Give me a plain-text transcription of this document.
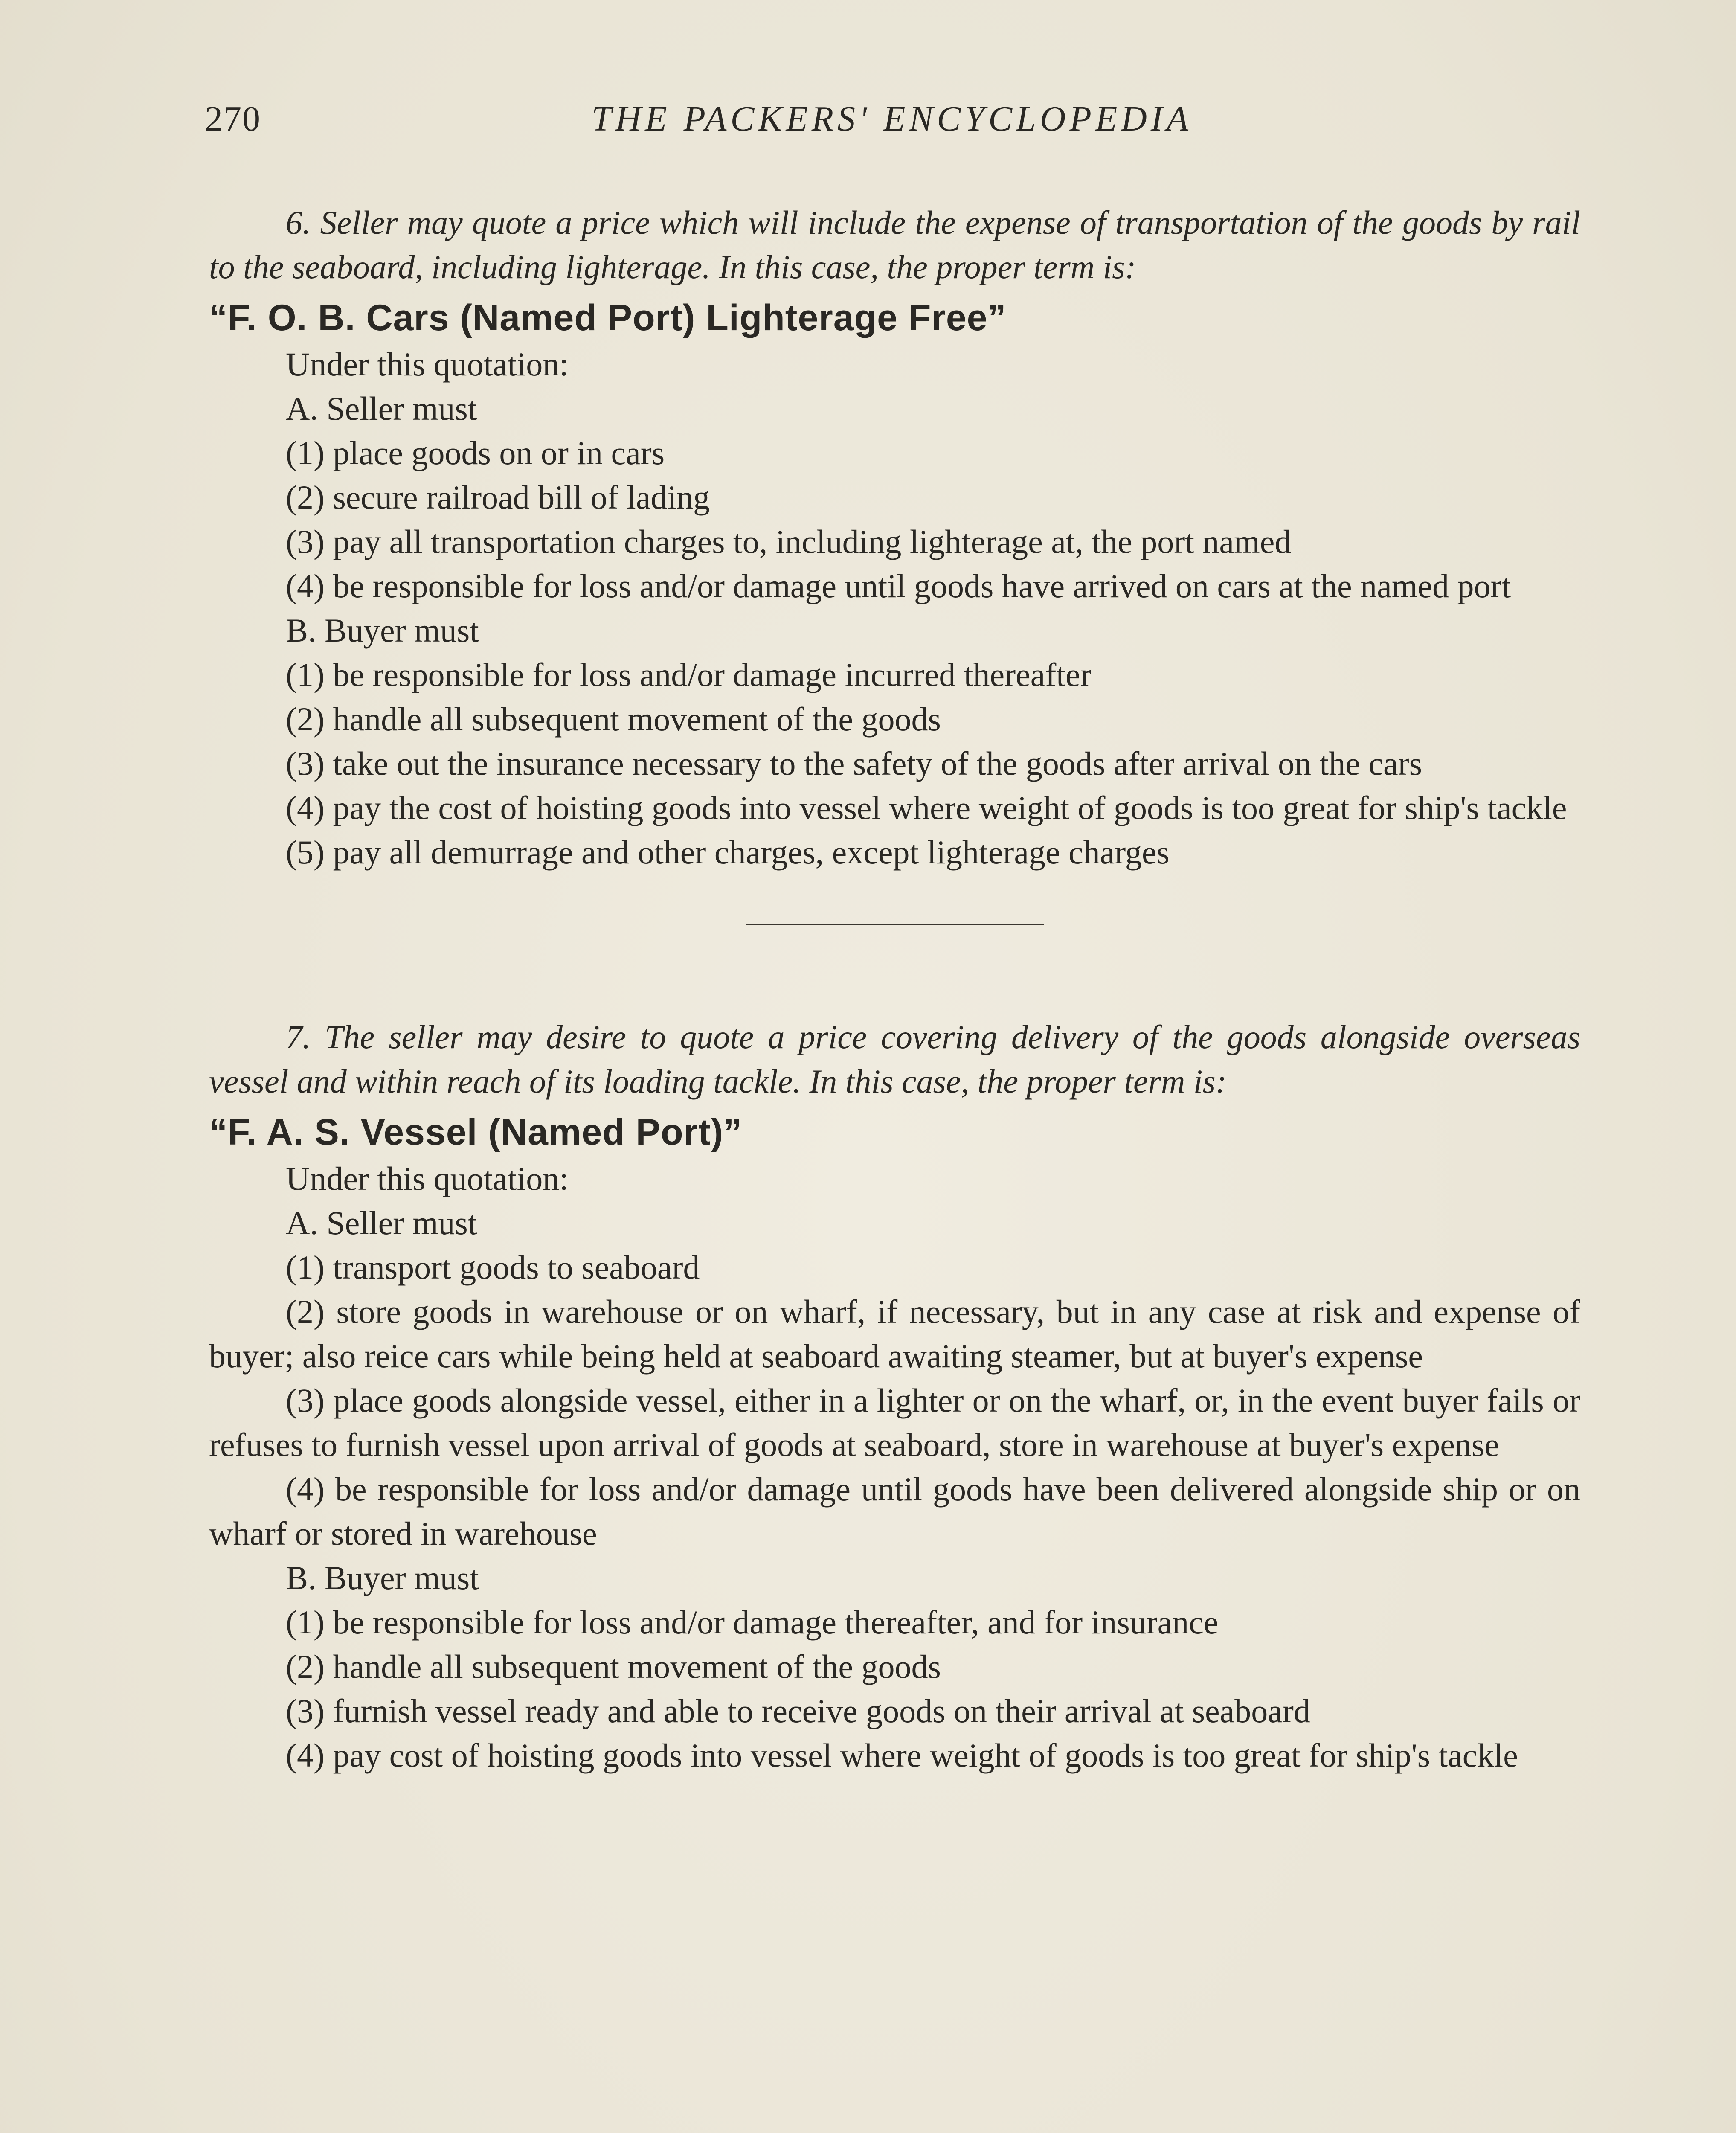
270	THE PACKERS' ENCYCLOPEDIA

6. Seller may quote a price which will include the expense of transportation of the goods by rail to the seaboard, including lighterage. In this case, the proper term is:

“F. O. B. Cars (Named Port) Lighterage Free”

Under this quotation:

A. Seller must

(1) place goods on or in cars

(2) secure railroad bill of lading

(3) pay all transportation charges to, including lighterage at, the port named

(4) be responsible for loss and/or damage until goods have arrived on cars at the named port

B. Buyer must

(1) be responsible for loss and/or damage incurred thereafter

(2) handle all subsequent movement of the goods

(3) take out the insurance necessary to the safety of the goods after arrival on the cars

(4) pay the cost of hoisting goods into vessel where weight of goods is too great for ship's tackle

(5) pay all demurrage and other charges, except lighterage charges

7. The seller may desire to quote a price covering delivery of the goods alongside overseas vessel and within reach of its loading tackle. In this case, the proper term is:

“F. A. S. Vessel (Named Port)”

Under this quotation:

A. Seller must

(1) transport goods to seaboard

(2) store goods in warehouse or on wharf, if necessary, but in any case at risk and expense of buyer; also reice cars while being held at seaboard awaiting steamer, but at buyer's expense

(3) place goods alongside vessel, either in a lighter or on the wharf, or, in the event buyer fails or refuses to furnish vessel upon arrival of goods at seaboard, store in warehouse at buyer's expense

(4) be responsible for loss and/or damage until goods have been delivered alongside ship or on wharf or stored in warehouse

B. Buyer must

(1) be responsible for loss and/or damage thereafter, and for insurance

(2) handle all subsequent movement of the goods

(3) furnish vessel ready and able to receive goods on their arrival at seaboard

(4) pay cost of hoisting goods into vessel where weight of goods is too great for ship's tackle
